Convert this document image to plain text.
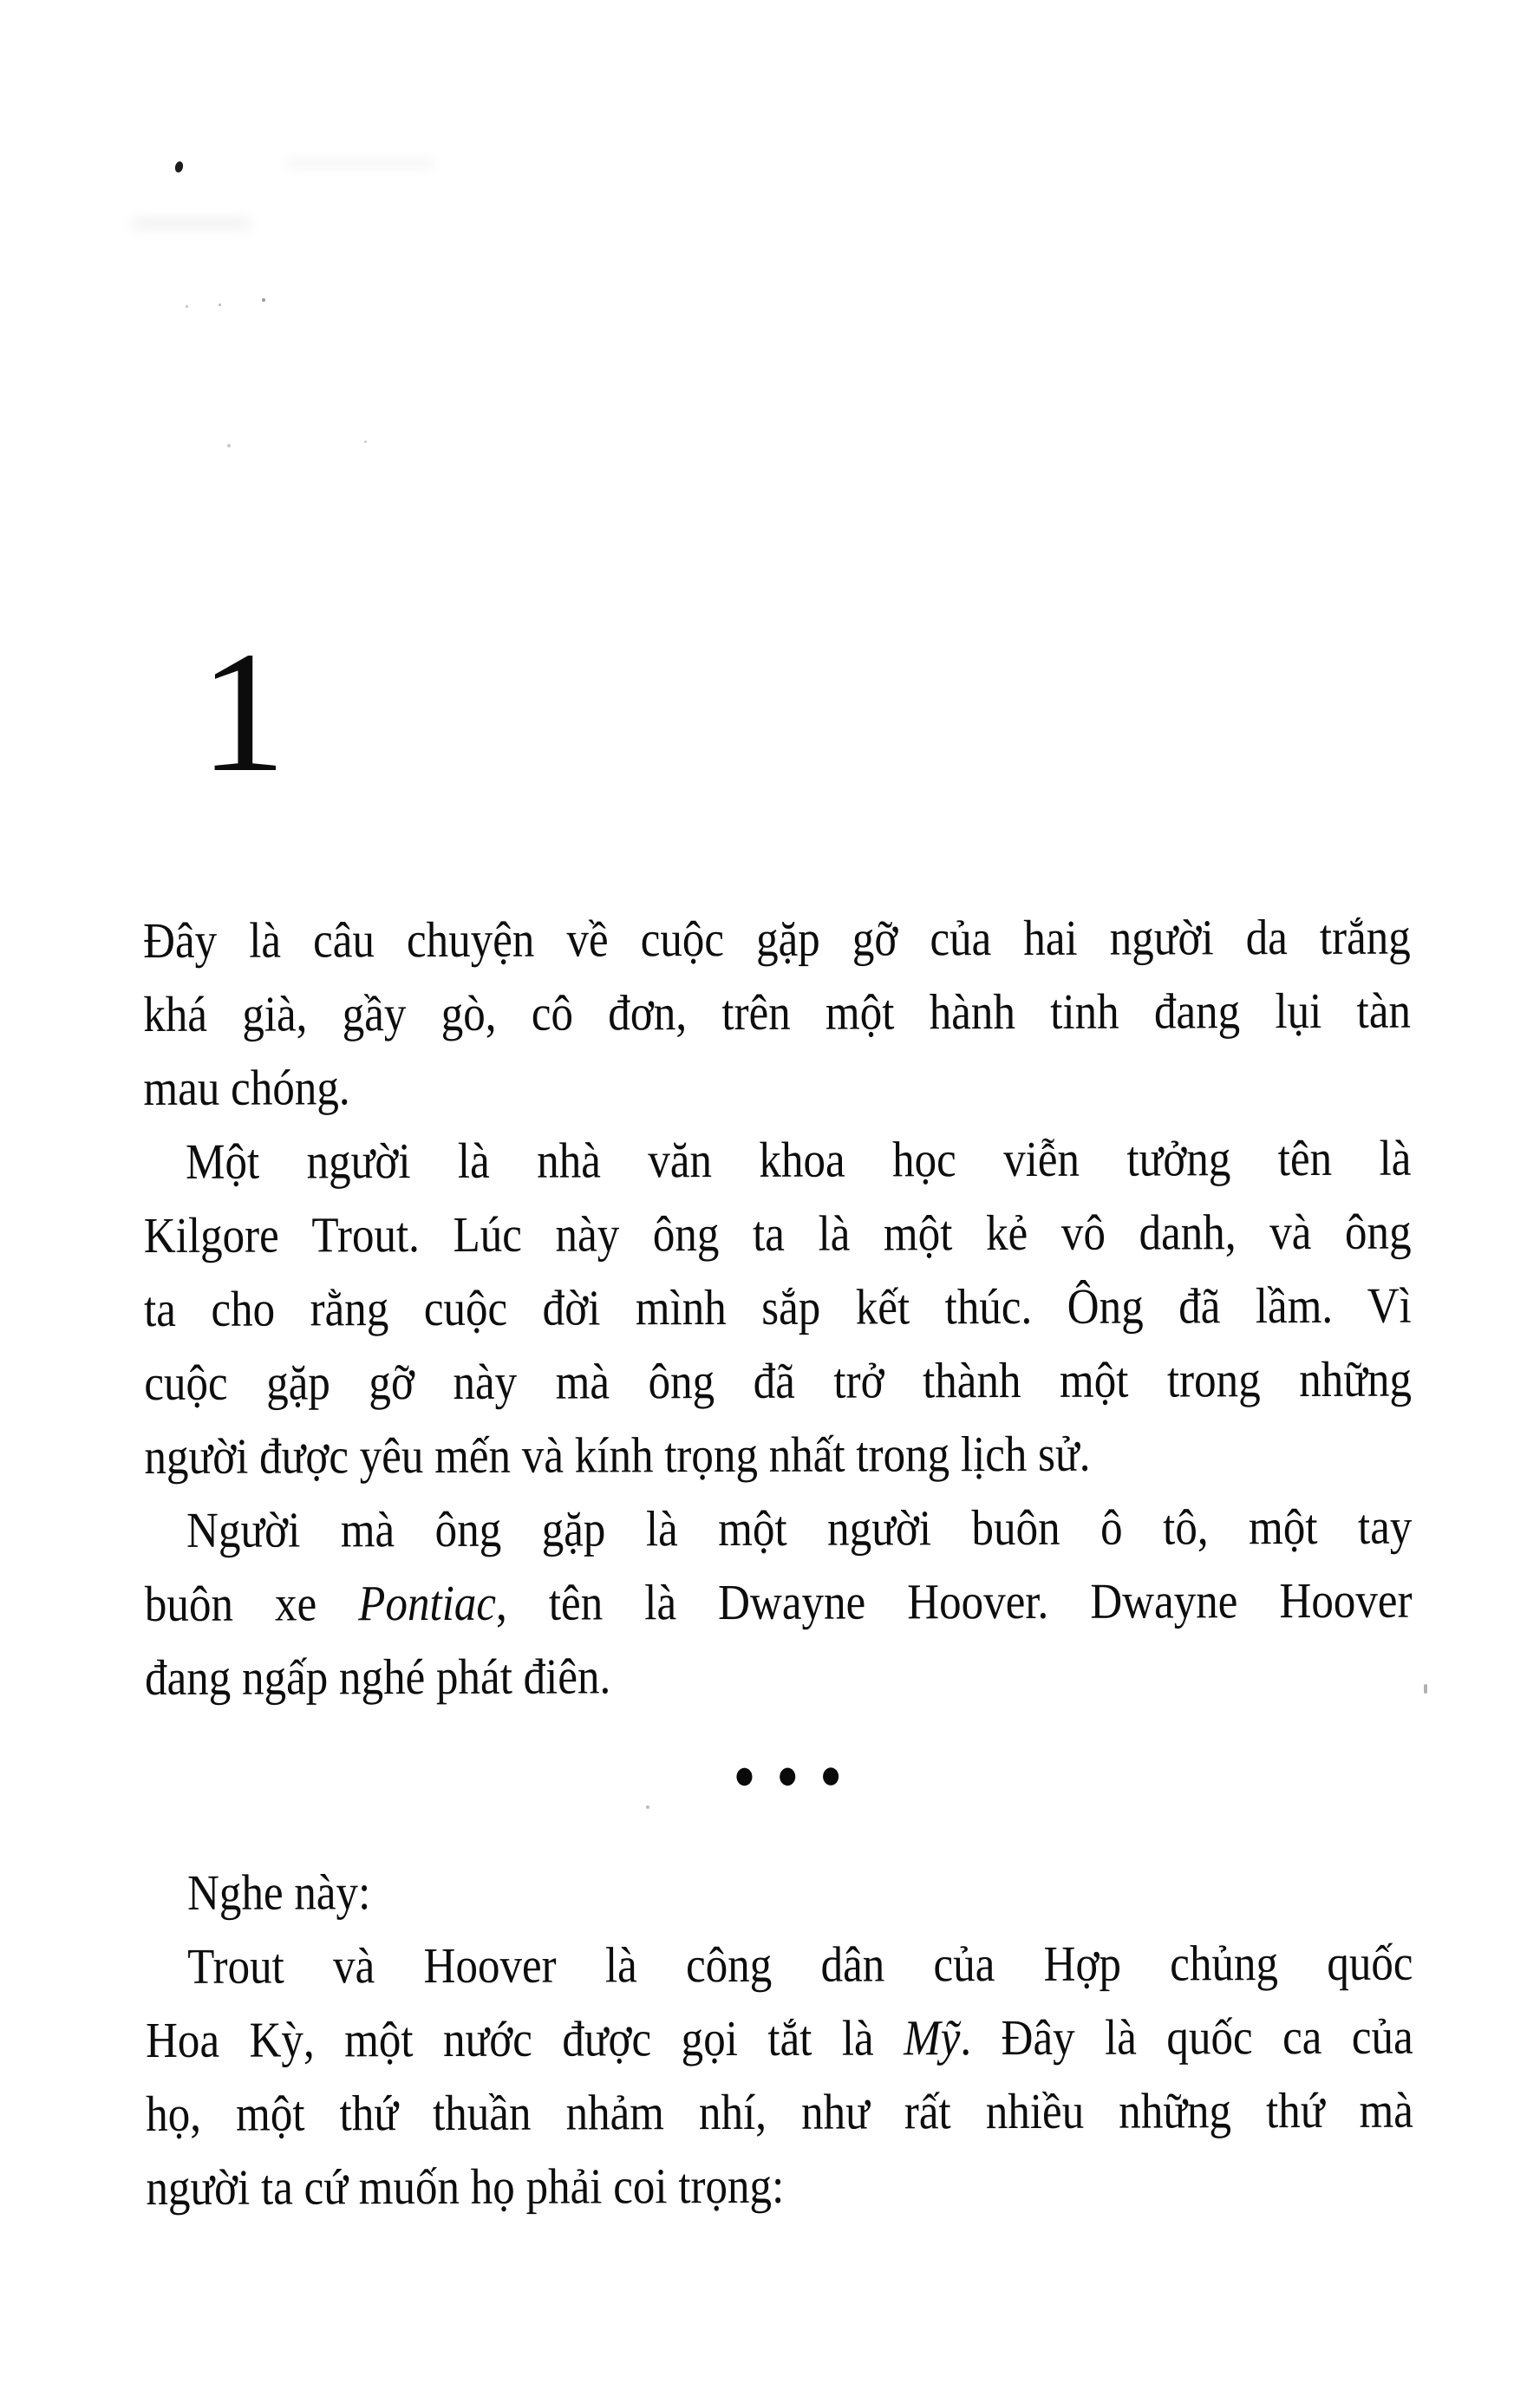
1
Đây là câu chuyện về cuộc gặp gỡ của hai người da trắng
khá già, gầy gò, cô đơn, trên một hành tinh đang lụi tàn
mau chóng.
Một người là nhà văn khoa học viễn tưởng tên là
Kilgore Trout. Lúc này ông ta là một kẻ vô danh, và ông
ta cho rằng cuộc đời mình sắp kết thúc. Ông đã lầm. Vì
cuộc gặp gỡ này mà ông đã trở thành một trong những
người được yêu mến và kính trọng nhất trong lịch sử.
Người mà ông gặp là một người buôn ô tô, một tay
buôn xe Pontiac, tên là Dwayne Hoover. Dwayne Hoover
đang ngấp nghé phát điên.
●●●
Nghe này:
Trout và Hoover là công dân của Hợp chủng quốc
Hoa Kỳ, một nước được gọi tắt là Mỹ. Đây là quốc ca của
họ, một thứ thuần nhảm nhí, như rất nhiều những thứ mà
người ta cứ muốn họ phải coi trọng:
